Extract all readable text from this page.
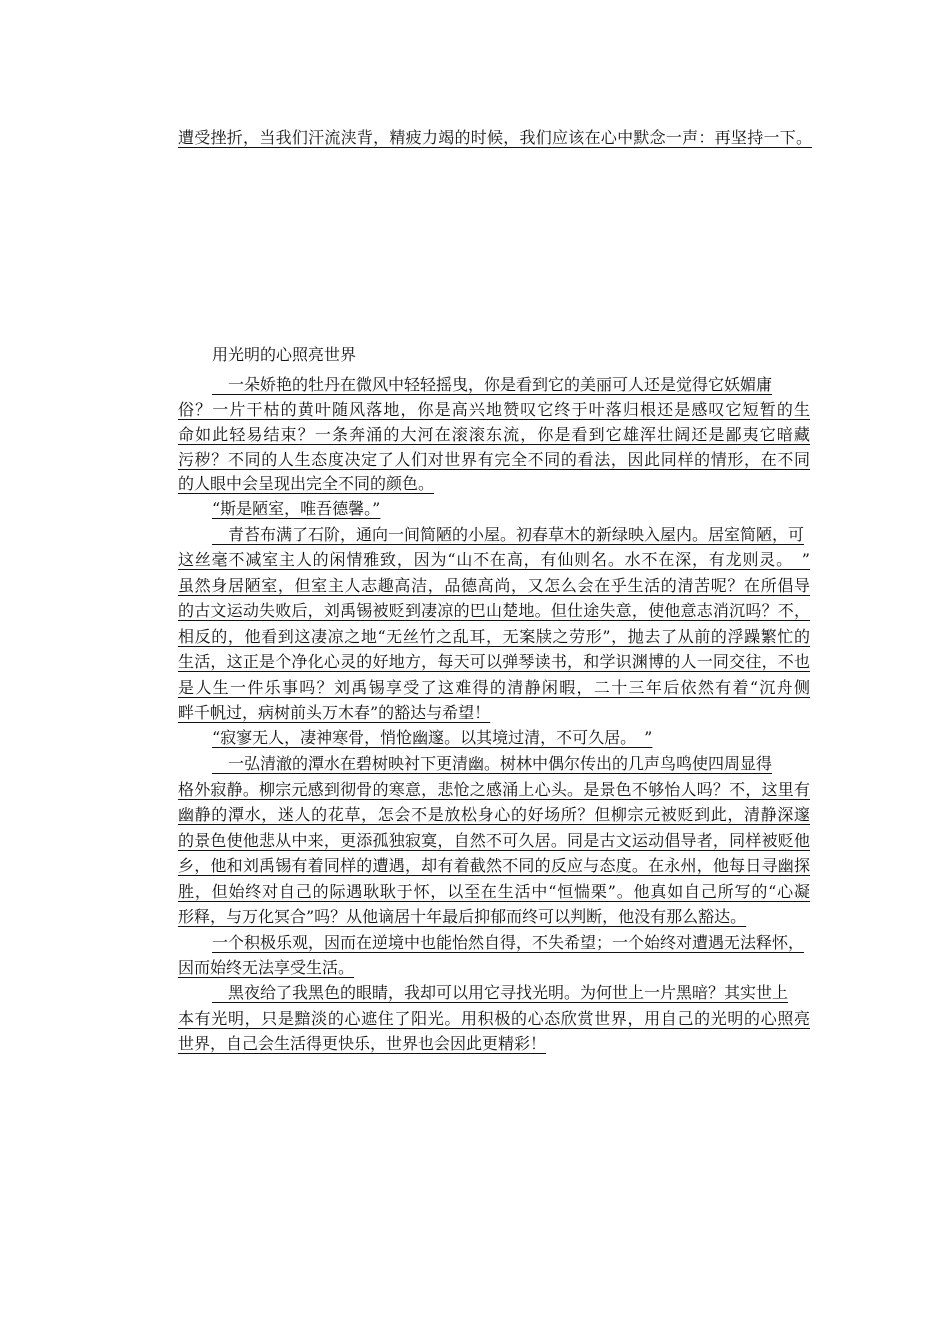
遭受挫折，当我们汗流浃背，精疲力竭的时候，我们应该在心中默念一声：再坚持一下。
用光明的心照亮世界
　一朵娇艳的牡丹在微风中轻轻摇曳，你是看到它的美丽可人还是觉得它妖媚庸
俗？一片干枯的黄叶随风落地，你是高兴地赞叹它终于叶落归根还是感叹它短暂的生
命如此轻易结束？一条奔涌的大河在滚滚东流，你是看到它雄浑壮阔还是鄙夷它暗藏
污秽？不同的人生态度决定了人们对世界有完全不同的看法，因此同样的情形，在不同
的人眼中会呈现出完全不同的颜色。
“斯是陋室，唯吾德馨。”
　青苔布满了石阶，通向一间简陋的小屋。初春草木的新绿映入屋内。居室简陋，可
这丝毫不减室主人的闲情雅致，因为“山不在高，有仙则名。水不在深，有龙则灵。　”
虽然身居陋室，但室主人志趣高洁，品德高尚，又怎么会在乎生活的清苦呢？在所倡导
的古文运动失败后，刘禹锡被贬到凄凉的巴山楚地。但仕途失意，使他意志消沉吗？不，
相反的，他看到这凄凉之地“无丝竹之乱耳，无案牍之劳形”，抛去了从前的浮躁繁忙的
生活，这正是个净化心灵的好地方，每天可以弹琴读书，和学识渊博的人一同交往，不也
是人生一件乐事吗？刘禹锡享受了这难得的清静闲暇，二十三年后依然有着“沉舟侧
畔千帆过，病树前头万木春”的豁达与希望！
“寂寥无人，凄神寒骨，悄怆幽邃。以其境过清，不可久居。　”
　一弘清澈的潭水在碧树映衬下更清幽。树林中偶尔传出的几声鸟鸣使四周显得
格外寂静。柳宗元感到彻骨的寒意，悲怆之感涌上心头。是景色不够怡人吗？不，这里有
幽静的潭水，迷人的花草，怎会不是放松身心的好场所？但柳宗元被贬到此，清静深邃
的景色使他悲从中来，更添孤独寂寞，自然不可久居。同是古文运动倡导者，同样被贬他
乡，他和刘禹锡有着同样的遭遇，却有着截然不同的反应与态度。在永州，他每日寻幽探
胜，但始终对自己的际遇耿耿于怀，以至在生活中“恒惴栗”。他真如自己所写的“心凝
形释，与万化冥合”吗？从他谪居十年最后抑郁而终可以判断，他没有那么豁达。
一个积极乐观，因而在逆境中也能怡然自得，不失希望；一个始终对遭遇无法释怀，
因而始终无法享受生活。
　黑夜给了我黑色的眼睛，我却可以用它寻找光明。为何世上一片黑暗？其实世上
本有光明，只是黯淡的心遮住了阳光。用积极的心态欣赏世界，用自己的光明的心照亮
世界，自己会生活得更快乐，世界也会因此更精彩！
